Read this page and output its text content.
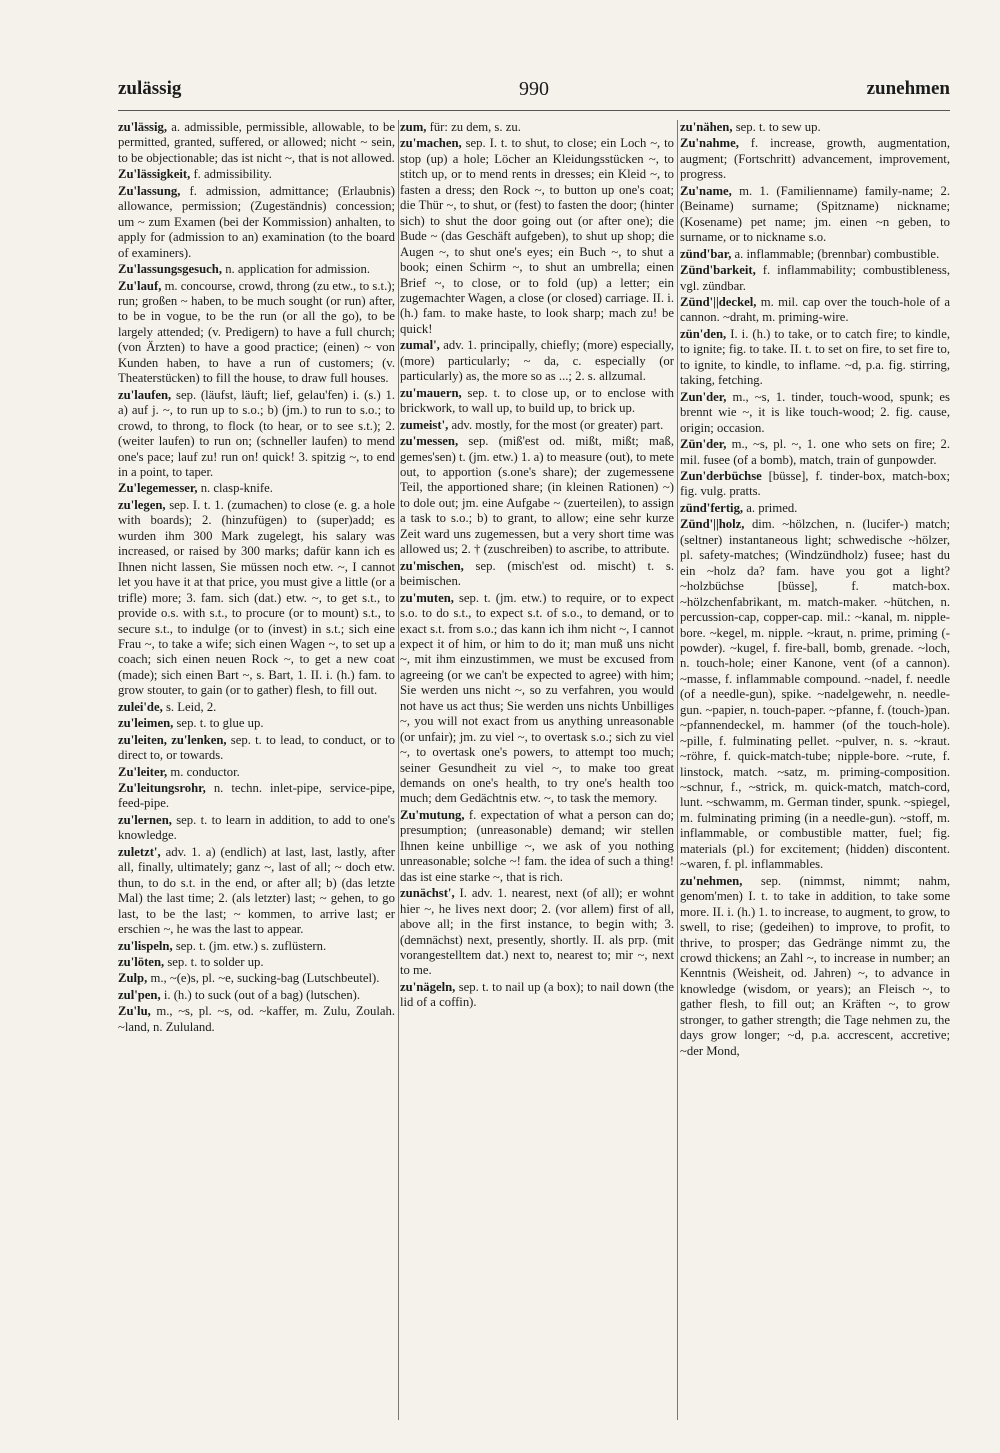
zulässig	990	zunehmen
zu'lässig, a. admissible, permissible, allowable, to be permitted, granted, suffered, or allowed; nicht ~ sein, to be objectionable; das ist nicht ~, that is not allowed.
Zu'lässigkeit, f. admissibility.
Zu'lassung, f. admission, admittance; (Erlaubnis) allowance, permission; (Zugeständnis) concession; um ~ zum Examen (bei der Kommission) anhalten, to apply for (admission to an) examination (to the board of examiners).
Zu'lassungsgesuch, n. application for admission.
Zu'lauf, m. concourse, crowd, throng (zu etw., to s.t.); run; großen ~ haben, to be much sought (or run) after, to be in vogue, to be the run (or all the go), to be largely attended; (v. Predigern) to have a full church; (von Ärzten) to have a good practice; (einen) ~ von Kunden haben, to have a run of customers; (v. Theaterstücken) to fill the house, to draw full houses.
zu'laufen, sep. (läufst, läuft; lief, gelau'fen) i. (s.) 1. a) auf j. ~, to run up to s.o.; b) (jm.) to run to s.o.; to crowd, to throng, to flock (to hear, or to see s.t.); 2. (weiter laufen) to run on; (schneller laufen) to mend one's pace; lauf zu! run on! quick! 3. spitzig ~, to end in a point, to taper.
Zu'legemesser, n. clasp-knife.
zu'legen, sep. I. t. 1. (zumachen) to close (e. g. a hole with boards); 2. (hinzufügen) to (super)add; es wurden ihm 300 Mark zugelegt, his salary was increased, or raised by 300 marks; dafür kann ich es Ihnen nicht lassen, Sie müssen noch etw. ~, I cannot let you have it at that price, you must give a little (or a trifle) more; 3. fam. sich (dat.) etw. ~, to get s.t., to provide o.s. with s.t., to procure (or to mount) s.t., to secure s.t., to indulge (or to (invest) in s.t.; sich eine Frau ~, to take a wife; sich einen Wagen ~, to set up a coach; sich einen neuen Rock ~, to get a new coat (made); sich einen Bart ~, s. Bart, 1. II. i. (h.) fam. to grow stouter, to gain (or to gather) flesh, to fill out.
zulei'de, s. Leid, 2.
zu'leimen, sep. t. to glue up.
zu'leiten, zu'lenken, sep. t. to lead, to conduct, or to direct to, or towards.
Zu'leiter, m. conductor.
Zu'leitungsrohr, n. techn. inlet-pipe, service-pipe, feed-pipe.
zu'lernen, sep. t. to learn in addition, to add to one's knowledge.
zuletzt', adv. 1. a) (endlich) at last, last, lastly, after all, finally, ultimately; ganz ~, last of all; ~ doch etw. thun, to do s.t. in the end, or after all; b) (das letzte Mal) the last time; 2. (als letzter) last; ~ gehen, to go last, to be the last; ~ kommen, to arrive last; er erschien ~, he was the last to appear.
zu'lispeln, sep. t. (jm. etw.) s. zuflüstern.
zu'löten, sep. t. to solder up.
Zulp, m., ~(e)s, pl. ~e, sucking-bag (Lutschbeutel).
zul'pen, i. (h.) to suck (out of a bag) (lutschen).
Zu'lu, m., ~s, pl. ~s, od. ~kaffer, m. Zulu, Zoulah. ~land, n. Zululand.
zum, für: zu dem, s. zu.
zu'machen, sep. I. t. to shut, to close; ein Loch ~, to stop (up) a hole; Löcher an Kleidungsstücken ~, to stitch up, or to mend rents in dresses; ein Kleid ~, to fasten a dress; den Rock ~, to button up one's coat; die Thür ~, to shut, or (fest) to fasten the door; (hinter sich) to shut the door going out (or after one); die Bude ~ (das Geschäft aufgeben), to shut up shop; die Augen ~, to shut one's eyes; ein Buch ~, to shut a book; einen Schirm ~, to shut an umbrella; einen Brief ~, to close, or to fold (up) a letter; ein zugemachter Wagen, a close (or closed) carriage. II. i. (h.) fam. to make haste, to look sharp; mach zu! be quick!
zumal', adv. 1. principally, chiefly; (more) especially, (more) particularly; ~ da, c. especially (or particularly) as, the more so as ...; 2. s. allzumal.
zu'mauern, sep. t. to close up, or to enclose with brickwork, to wall up, to build up, to brick up.
zumeist', adv. mostly, for the most (or greater) part.
zu'messen, sep. (miß'est od. mißt, mißt; maß, gemes'sen) t. (jm. etw.) 1. a) to measure (out), to mete out, to apportion (s.one's share); der zugemessene Teil, the apportioned share; (in kleinen Rationen) ~) to dole out; jm. eine Aufgabe ~ (zuerteilen), to assign a task to s.o.; b) to grant, to allow; eine sehr kurze Zeit ward uns zugemessen, but a very short time was allowed us; 2. † (zuschreiben) to ascribe, to attribute.
zu'mischen, sep. (misch'est od. mischt) t. s. beimischen.
zu'muten, sep. t. (jm. etw.) to require, or to expect s.o. to do s.t., to expect s.t. of s.o., to demand, or to exact s.t. from s.o.; das kann ich ihm nicht ~, I cannot expect it of him, or him to do it; man muß uns nicht ~, mit ihm einzustimmen, we must be excused from agreeing (or we can't be expected to agree) with him; Sie werden uns nicht ~, so zu verfahren, you would not have us act thus; Sie werden uns nichts Unbilliges ~, you will not exact from us anything unreasonable (or unfair); jm. zu viel ~, to overtask s.o.; sich zu viel ~, to overtask one's powers, to attempt too much; seiner Gesundheit zu viel ~, to make too great demands on one's health, to try one's health too much; dem Gedächtnis etw. ~, to task the memory.
Zu'mutung, f. expectation of what a person can do; presumption; (unreasonable) demand; wir stellen Ihnen keine unbillige ~, we ask of you nothing unreasonable; solche ~! fam. the idea of such a thing! das ist eine starke ~, that is rich.
zunächst', I. adv. 1. nearest, next (of all); er wohnt hier ~, he lives next door; 2. (vor allem) first of all, above all; in the first instance, to begin with; 3. (demnächst) next, presently, shortly. II. als prp. (mit vorangestelltem dat.) next to, nearest to; mir ~, next to me.
zu'nägeln, sep. t. to nail up (a box); to nail down (the lid of a coffin).
zu'nähen, sep. t. to sew up.
Zu'nahme, f. increase, growth, augmentation, augment; (Fortschritt) advancement, improvement, progress.
Zu'name, m. 1. (Familienname) family-name; 2. (Beiname) surname; (Spitzname) nickname; (Kosename) pet name; jm. einen ~n geben, to surname, or to nickname s.o.
zünd'bar, a. inflammable; (brennbar) combustible.
Zünd'barkeit, f. inflammability; combustibleness, vgl. zündbar.
Zünd'||deckel, m. mil. cap over the touch-hole of a cannon. ~draht, m. priming-wire.
zün'den, I. i. (h.) to take, or to catch fire; to kindle, to ignite; fig. to take. II. t. to set on fire, to set fire to, to ignite, to kindle, to inflame. ~d, p.a. fig. stirring, taking, fetching.
Zun'der, m., ~s, 1. tinder, touch-wood, spunk; es brennt wie ~, it is like touch-wood; 2. fig. cause, origin; occasion.
Zün'der, m., ~s, pl. ~, 1. one who sets on fire; 2. mil. fusee (of a bomb), match, train of gunpowder.
Zun'derbüchse [büsse], f. tinder-box, match-box; fig. vulg. pratts.
zünd'fertig, a. primed.
Zünd'||holz, dim. ~hölzchen, n. (lucifer-) match; (seltner) instantaneous light; schwedische ~hölzer, pl. safety-matches; (Windzündholz) fusee; hast du ein ~holz da? fam. have you got a light? ~holzbüchse [büsse], f. match-box. ~hölzchenfabrikant, m. match-maker. ~hütchen, n. percussion-cap, copper-cap. mil.: ~kanal, m. nipple-bore. ~kegel, m. nipple. ~kraut, n. prime, priming (-powder). ~kugel, f. fire-ball, bomb, grenade. ~loch, n. touch-hole; einer Kanone, vent (of a cannon). ~masse, f. inflammable compound. ~nadel, f. needle (of a needle-gun), spike. ~nadelgewehr, n. needle-gun. ~papier, n. touch-paper. ~pfanne, f. (touch-)pan. ~pfannendeckel, m. hammer (of the touch-hole). ~pille, f. fulminating pellet. ~pulver, n. s. ~kraut. ~röhre, f. quick-match-tube; nipple-bore. ~rute, f. linstock, match. ~satz, m. priming-composition. ~schnur, f., ~strick, m. quick-match, match-cord, lunt. ~schwamm, m. German tinder, spunk. ~spiegel, m. fulminating priming (in a needle-gun). ~stoff, m. inflammable, or combustible matter, fuel; fig. materials (pl.) for excitement; (hidden) discontent. ~waren, f. pl. inflammables.
zu'nehmen, sep. (nimmst, nimmt; nahm, genom'men) I. t. to take in addition, to take some more. II. i. (h.) 1. to increase, to augment, to grow, to swell, to rise; (gedeihen) to improve, to profit, to thrive, to prosper; das Gedränge nimmt zu, the crowd thickens; an Zahl ~, to increase in number; an Kenntnis (Weisheit, od. Jahren) ~, to advance in knowledge (wisdom, or years); an Fleisch ~, to gather flesh, to fill out; an Kräften ~, to grow stronger, to gather strength; die Tage nehmen zu, the days grow longer; ~d, p.a. accrescent, accretive; ~der Mond,
